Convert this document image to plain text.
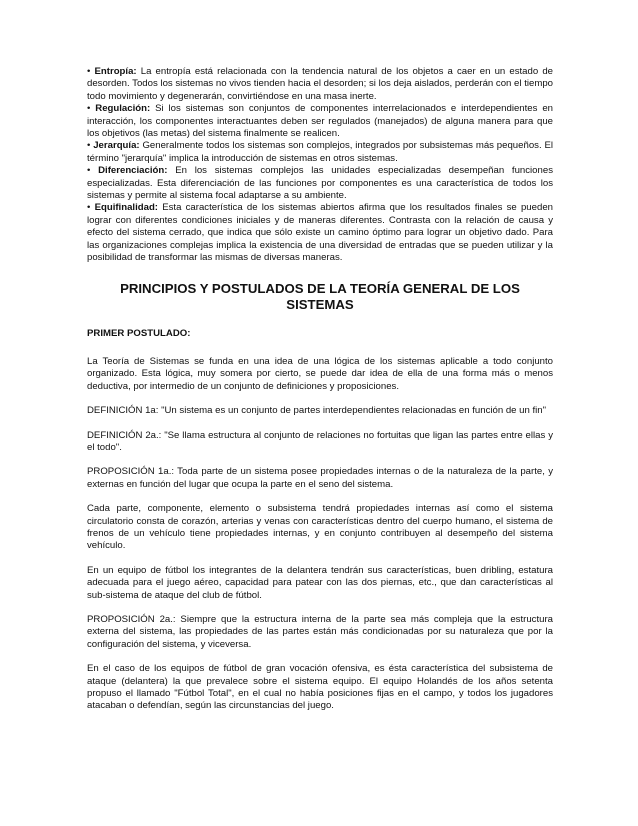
• Entropía: La entropía está relacionada con la tendencia natural de los objetos a caer en un estado de desorden. Todos los sistemas no vivos tienden hacia el desorden; si los deja aislados, perderán con el tiempo todo movimiento y degenerarán, convirtiéndose en una masa inerte.

• Regulación: Si los sistemas son conjuntos de componentes interrelacionados e interdependientes en interacción, los componentes interactuantes deben ser regulados (manejados) de alguna manera para que los objetivos (las metas) del sistema finalmente se realicen.

• Jerarquía: Generalmente todos los sistemas son complejos, integrados por subsistemas más pequeños. El término "jerarquía" implica la introducción de sistemas en otros sistemas.

• Diferenciación: En los sistemas complejos las unidades especializadas desempeñan funciones especializadas. Esta diferenciación de las funciones por componentes es una característica de todos los sistemas y permite al sistema focal adaptarse a su ambiente.

• Equifinalidad: Esta característica de los sistemas abiertos afirma que los resultados finales se pueden lograr con diferentes condiciones iniciales y de maneras diferentes. Contrasta con la relación de causa y efecto del sistema cerrado, que indica que sólo existe un camino óptimo para lograr un objetivo dado. Para las organizaciones complejas implica la existencia de una diversidad de entradas que se pueden utilizar y la posibilidad de transformar las mismas de diversas maneras.

PRINCIPIOS Y POSTULADOS DE LA TEORÍA GENERAL DE LOS SISTEMAS

PRIMER POSTULADO:

La Teoría de Sistemas se funda en una idea de una lógica de los sistemas aplicable a todo conjunto organizado. Esta lógica, muy somera por cierto, se puede dar idea de ella de una forma más o menos deductiva, por intermedio de un conjunto de definiciones y proposiciones.

DEFINICIÓN 1a: "Un sistema es un conjunto de partes interdependientes relacionadas en función de un fin"

DEFINICIÓN 2a.: "Se llama estructura al conjunto de relaciones no fortuitas que ligan las partes entre ellas y el todo".

PROPOSICIÓN 1a.: Toda parte de un sistema posee propiedades internas o de la naturaleza de la parte, y externas en función del lugar que ocupa la parte en el seno del sistema.

Cada parte, componente, elemento o subsistema tendrá propiedades internas así como el sistema circulatorio consta de corazón, arterias y venas con características dentro del cuerpo humano, el sistema de frenos de un vehículo tiene propiedades internas, y en conjunto contribuyen al desempeño del sistema vehículo.

En un equipo de fútbol los integrantes de la delantera tendrán sus características, buen dribling, estatura adecuada para el juego aéreo, capacidad para patear con las dos piernas, etc., que dan características al sub-sistema de ataque del club de fútbol.

PROPOSICIÓN 2a.: Siempre que la estructura interna de la parte sea más compleja que la estructura externa del sistema, las propiedades de las partes están más condicionadas por su naturaleza que por la configuración del sistema, y viceversa.

En el caso de los equipos de fútbol de gran vocación ofensiva, es ésta característica del subsistema de ataque (delantera) la que prevalece sobre el sistema equipo. El equipo Holandés de los años setenta propuso el llamado "Fútbol Total", en el cual no había posiciones fijas en el campo, y todos los jugadores atacaban o defendían, según las circunstancias del juego.
